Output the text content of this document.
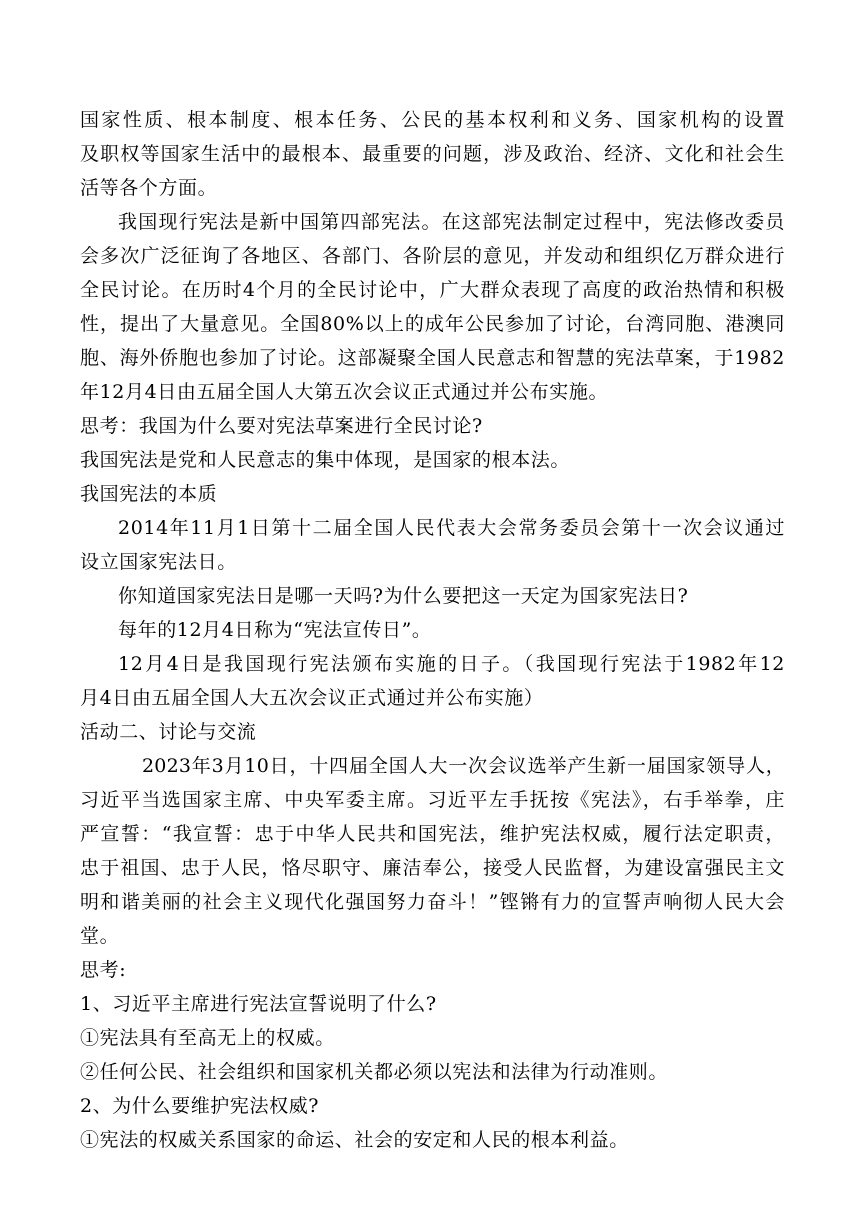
国家性质、根本制度、根本任务、公民的基本权利和义务、国家机构的设置
及职权等国家生活中的最根本、最重要的问题，涉及政治、经济、文化和社会生
活等各个方面。
我国现行宪法是新中国第四部宪法。在这部宪法制定过程中，宪法修改委员
会多次广泛征询了各地区、各部门、各阶层的意见，并发动和组织亿万群众进行
全民讨论。在历时4个月的全民讨论中，广大群众表现了高度的政治热情和积极
性，提出了大量意见。全国80%以上的成年公民参加了讨论，台湾同胞、港澳同
胞、海外侨胞也参加了讨论。这部凝聚全国人民意志和智慧的宪法草案，于1982
年12月4日由五届全国人大第五次会议正式通过并公布实施。
思考：我国为什么要对宪法草案进行全民讨论?
我国宪法是党和人民意志的集中体现，是国家的根本法。
我国宪法的本质
2014年11月1日第十二届全国人民代表大会常务委员会第十一次会议通过
设立国家宪法日。
你知道国家宪法日是哪一天吗?为什么要把这一天定为国家宪法日?
每年的12月4日称为“宪法宣传日”。
12月4日是我国现行宪法颁布实施的日子。（我国现行宪法于1982年12
月4日由五届全国人大五次会议正式通过并公布实施）
活动二、讨论与交流
2023年3月10日，十四届全国人大一次会议选举产生新一届国家领导人，
习近平当选国家主席、中央军委主席。习近平左手抚按《宪法》，右手举拳，庄
严宣誓：“我宣誓：忠于中华人民共和国宪法，维护宪法权威，履行法定职责，
忠于祖国、忠于人民，恪尽职守、廉洁奉公，接受人民监督，为建设富强民主文
明和谐美丽的社会主义现代化强国努力奋斗！”铿锵有力的宣誓声响彻人民大会
堂。
思考:
1、习近平主席进行宪法宣誓说明了什么?
①宪法具有至高无上的权威。
②任何公民、社会组织和国家机关都必须以宪法和法律为行动准则。
2、为什么要维护宪法权威?
①宪法的权威关系国家的命运、社会的安定和人民的根本利益。
